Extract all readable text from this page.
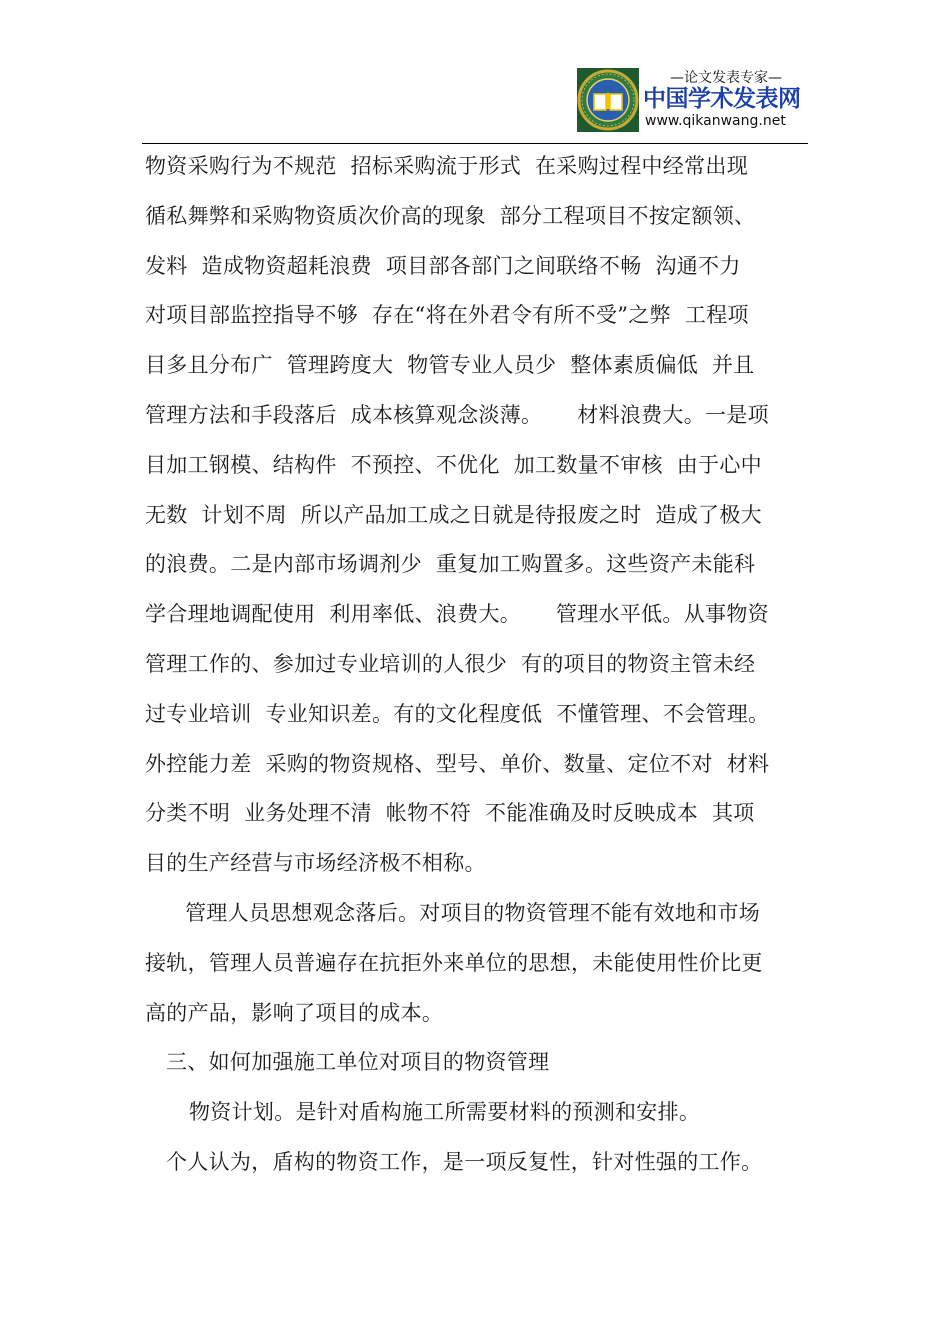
—论文发表专家—
中国学术发表网
www.qikanwang.net
物资采购行为不规范  招标采购流于形式  在采购过程中经常出现
循私舞弊和采购物资质次价高的现象  部分工程项目不按定额领、
发料  造成物资超耗浪费  项目部各部门之间联络不畅  沟通不力
对项目部监控指导不够  存在“将在外君令有所不受”之弊  工程项
目多且分布广  管理跨度大  物管专业人员少  整体素质偏低  并且
管理方法和手段落后  成本核算观念淡薄。     材料浪费大。一是项
目加工钢模、结构件  不预控、不优化  加工数量不审核  由于心中
无数  计划不周  所以产品加工成之日就是待报废之时  造成了极大
的浪费。二是内部市场调剂少  重复加工购置多。这些资产未能科
学合理地调配使用  利用率低、浪费大。     管理水平低。从事物资
管理工作的、参加过专业培训的人很少  有的项目的物资主管未经
过专业培训  专业知识差。有的文化程度低  不懂管理、不会管理。
外控能力差  采购的物资规格、型号、单价、数量、定位不对  材料
分类不明  业务处理不清  帐物不符  不能准确及时反映成本  其项
目的生产经营与市场经济极不相称。
管理人员思想观念落后。对项目的物资管理不能有效地和市场
接轨，管理人员普遍存在抗拒外来单位的思想，未能使用性价比更
高的产品，影响了项目的成本。
三、如何加强施工单位对项目的物资管理
物资计划。是针对盾构施工所需要材料的预测和安排。
个人认为，盾构的物资工作，是一项反复性，针对性强的工作。
